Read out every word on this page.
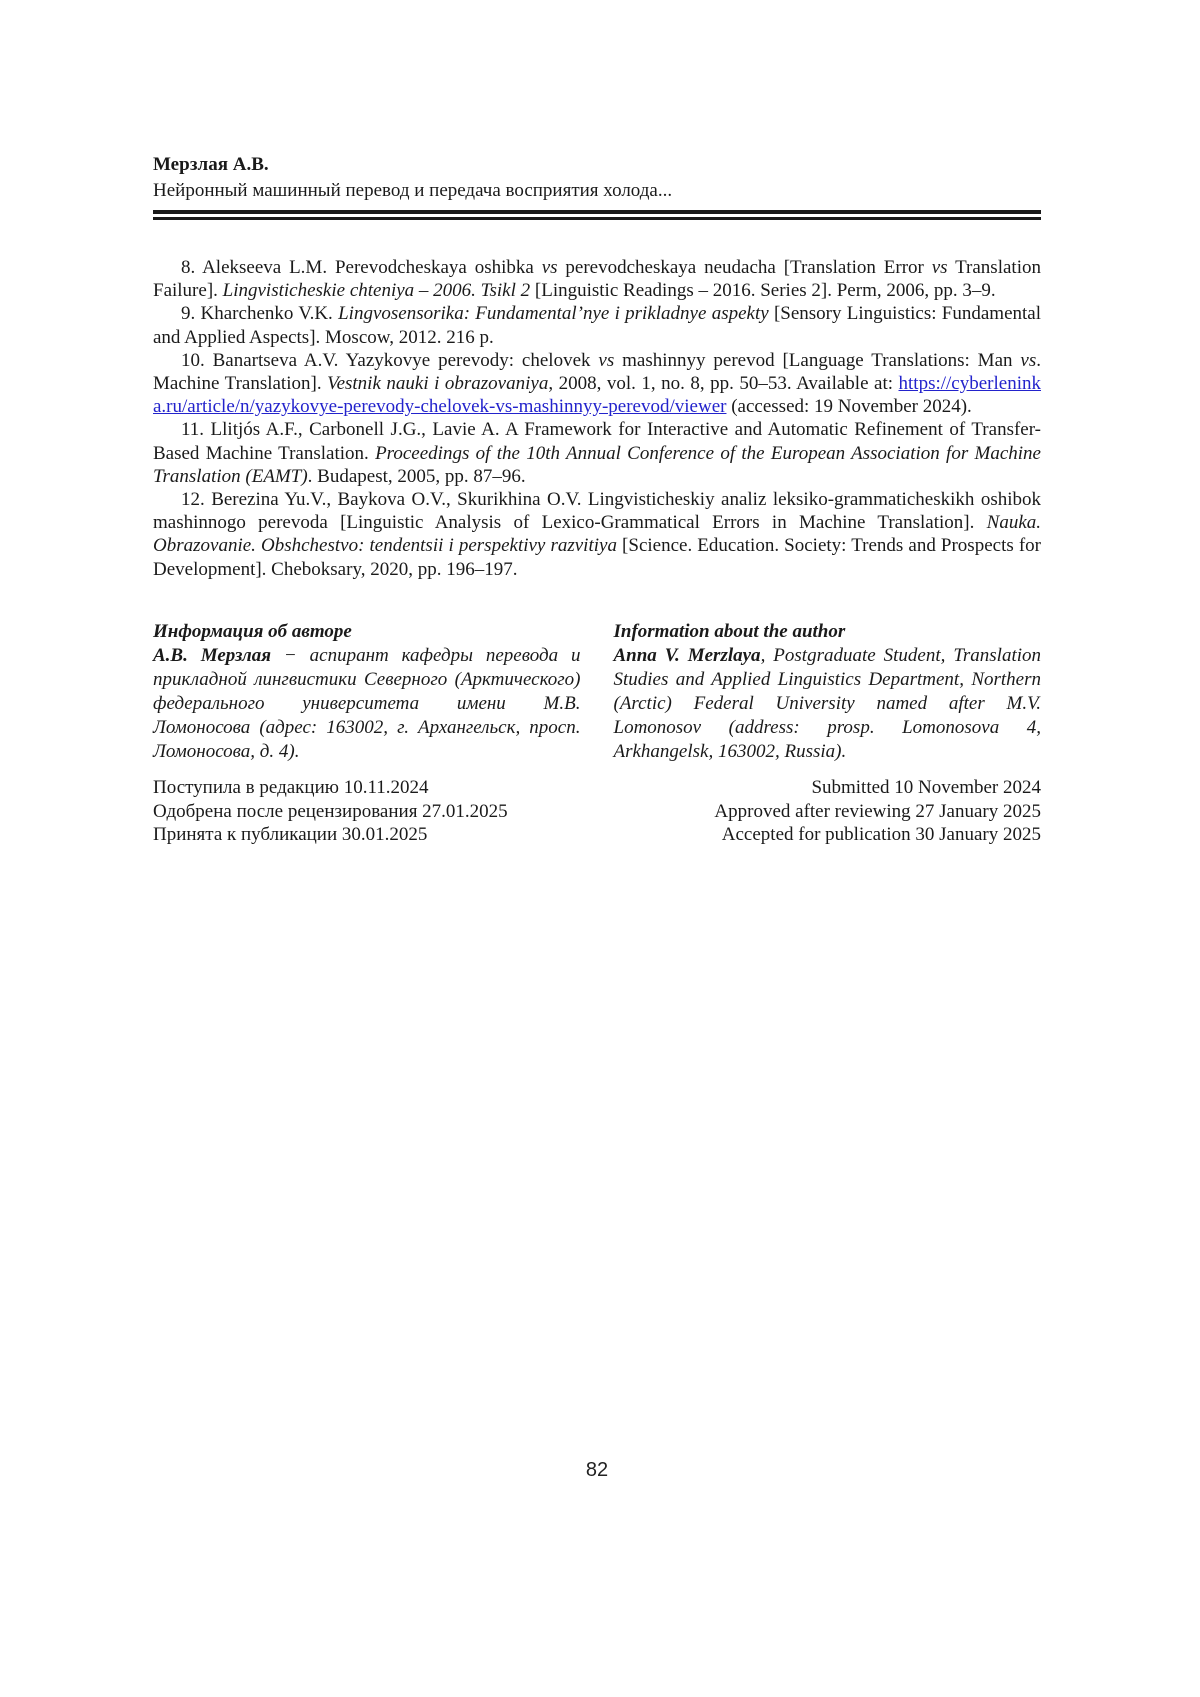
Мерзлая А.В.
Нейронный машинный перевод и передача восприятия холода...

8. Alekseeva L.M. Perevodcheskaya oshibka vs perevodcheskaya neudacha [Translation Error vs Translation Failure]. Lingvisticheskie chteniya – 2006. Tsikl 2 [Linguistic Readings – 2016. Series 2]. Perm, 2006, pp. 3–9.

9. Kharchenko V.K. Lingvosensorika: Fundamental’nye i prikladnye aspekty [Sensory Linguistics: Fundamental and Applied Aspects]. Moscow, 2012. 216 p.

10. Banartseva A.V. Yazykovye perevody: chelovek vs mashinnyy perevod [Language Translations: Man vs. Machine Translation]. Vestnik nauki i obrazovaniya, 2008, vol. 1, no. 8, pp. 50–53. Available at: https://cyberleninka.ru/article/n/yazykovye-perevody-chelovek-vs-mashinnyy-perevod/viewer (accessed: 19 November 2024).

11. Llitjós A.F., Carbonell J.G., Lavie A. A Framework for Interactive and Automatic Refinement of Transfer-Based Machine Translation. Proceedings of the 10th Annual Conference of the European Association for Machine Translation (EAMT). Budapest, 2005, pp. 87–96.

12. Berezina Yu.V., Baykova O.V., Skurikhina O.V. Lingvisticheskiy analiz leksiko-grammaticheskikh oshibok mashinnogo perevoda [Linguistic Analysis of Lexico-Grammatical Errors in Machine Translation]. Nauka. Obrazovanie. Obshchestvo: tendentsii i perspektivy razvitiya [Science. Education. Society: Trends and Prospects for Development]. Cheboksary, 2020, pp. 196–197.

Информация об авторе

А.В. Мерзлая − аспирант кафедры перевода и прикладной лингвистики Северного (Арктического) федерального университета имени М.В. Ломоносова (адрес: 163002, г. Архангельск, просп. Ломоносова, д. 4).

Information about the author

Anna V. Merzlaya, Postgraduate Student, Translation Studies and Applied Linguistics Department, Northern (Arctic) Federal University named after M.V. Lomonosov (address: prosp. Lomonosova 4, Arkhangelsk, 163002, Russia).

Поступила в редакцию 10.11.2024
Одобрена после рецензирования 27.01.2025
Принята к публикации 30.01.2025
Submitted 10 November 2024
Approved after reviewing 27 January 2025
Accepted for publication 30 January 2025
82
